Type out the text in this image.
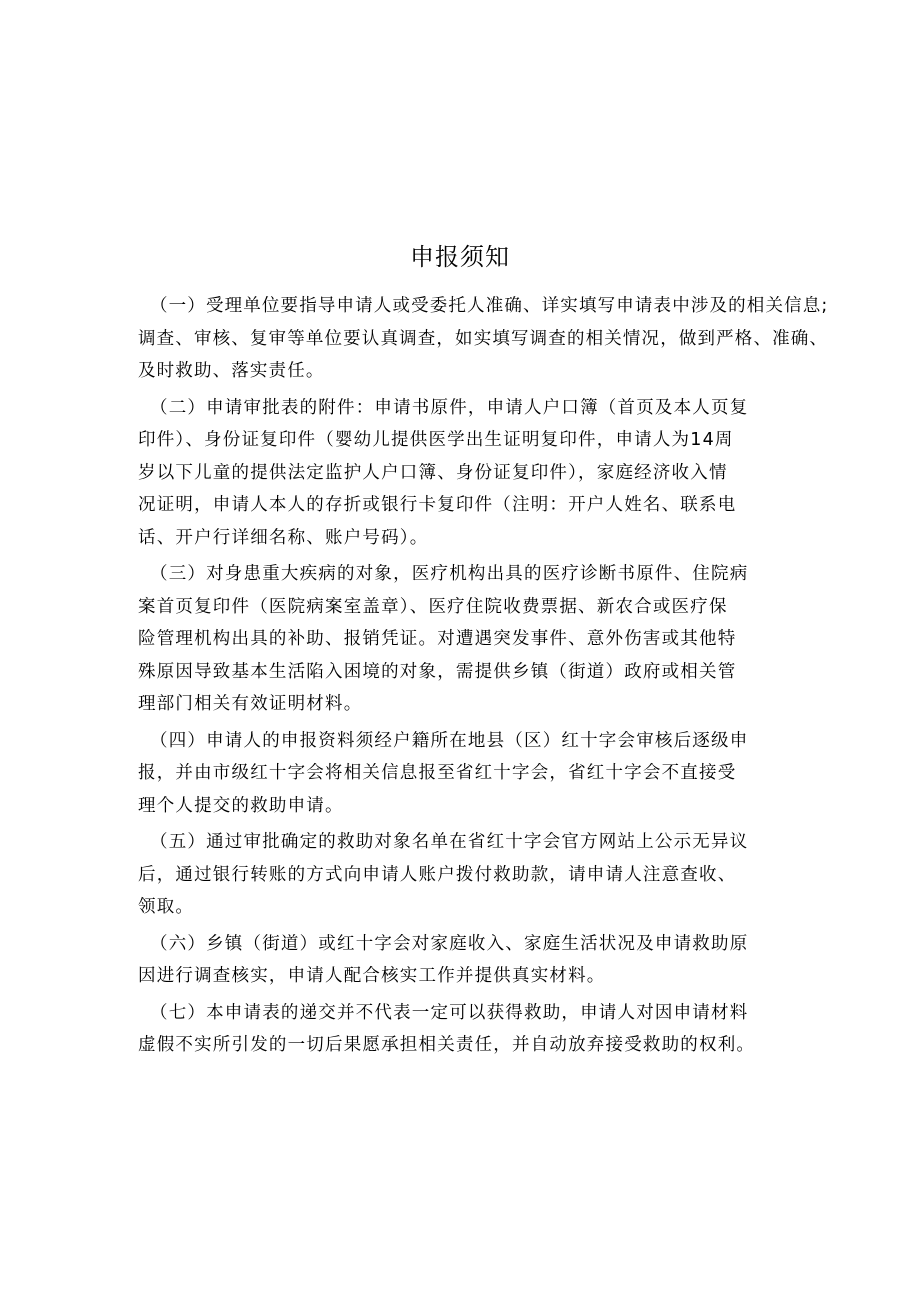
申报须知

（一）受理单位要指导申请人或受委托人准确、详实填写申请表中涉及的相关信息;
调查、审核、复审等单位要认真调查，如实填写调查的相关情况，做到严格、准确、
及时救助、落实责任。

（二）申请审批表的附件：申请书原件，申请人户口簿（首页及本人页复
印件）、身份证复印件（婴幼儿提供医学出生证明复印件，申请人为14周
岁以下儿童的提供法定监护人户口簿、身份证复印件），家庭经济收入情
况证明，申请人本人的存折或银行卡复印件（注明：开户人姓名、联系电
话、开户行详细名称、账户号码）。

（三）对身患重大疾病的对象，医疗机构出具的医疗诊断书原件、住院病
案首页复印件（医院病案室盖章）、医疗住院收费票据、新农合或医疗保
险管理机构出具的补助、报销凭证。对遭遇突发事件、意外伤害或其他特
殊原因导致基本生活陷入困境的对象，需提供乡镇（街道）政府或相关管
理部门相关有效证明材料。

（四）申请人的申报资料须经户籍所在地县（区）红十字会审核后逐级申
报，并由市级红十字会将相关信息报至省红十字会，省红十字会不直接受
理个人提交的救助申请。

（五）通过审批确定的救助对象名单在省红十字会官方网站上公示无异议
后，通过银行转账的方式向申请人账户拨付救助款，请申请人注意查收、
领取。

（六）乡镇（街道）或红十字会对家庭收入、家庭生活状况及申请救助原
因进行调查核实，申请人配合核实工作并提供真实材料。

（七）本申请表的递交并不代表一定可以获得救助，申请人对因申请材料
虚假不实所引发的一切后果愿承担相关责任，并自动放弃接受救助的权利。
